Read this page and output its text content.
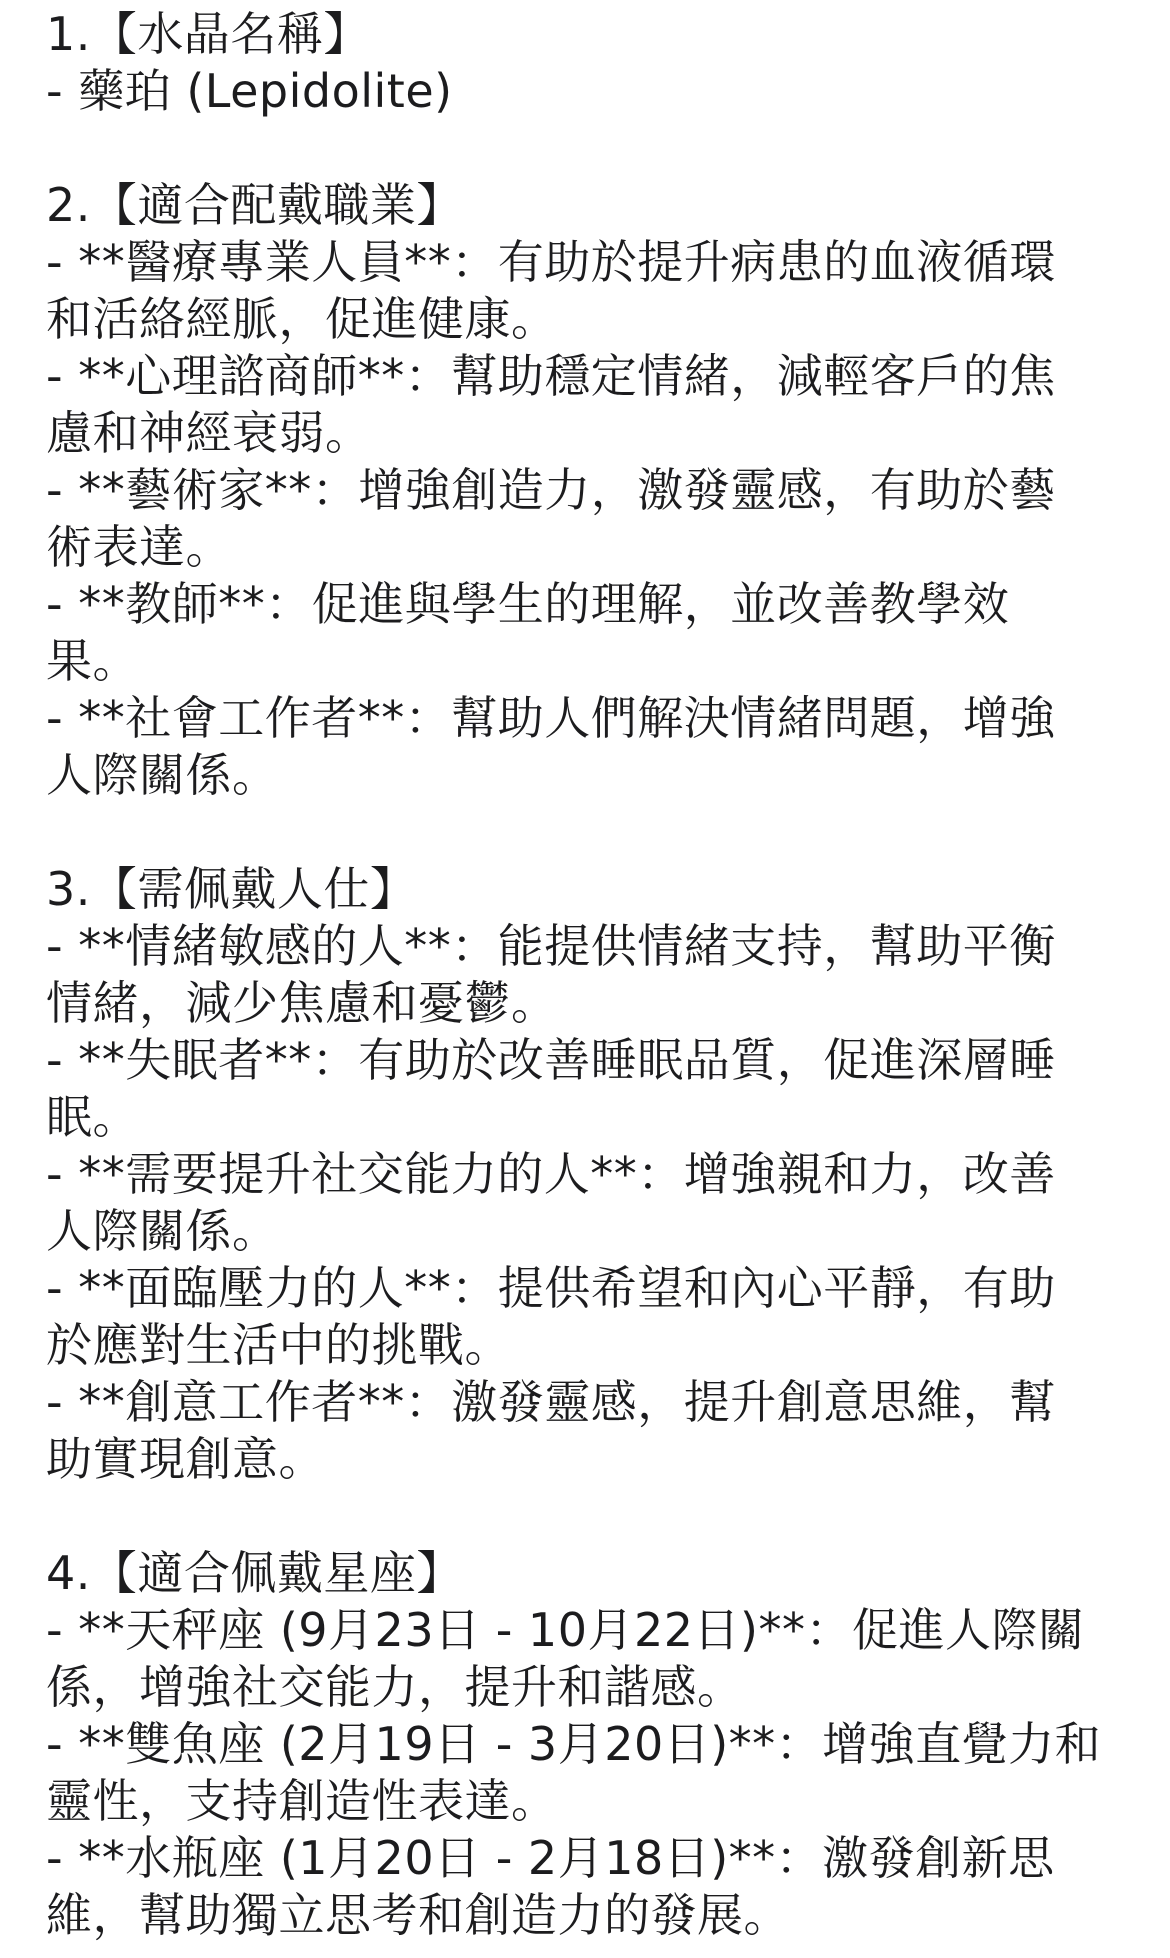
1.【水晶名稱】
- 藥珀 (Lepidolite)
2.【適合配戴職業】
- **醫療專業人員**：有助於提升病患的血液循環
和活絡經脈，促進健康。
- **心理諮商師**：幫助穩定情緒，減輕客戶的焦
慮和神經衰弱。
- **藝術家**：增強創造力，激發靈感，有助於藝
術表達。
- **教師**：促進與學生的理解，並改善教學效
果。
- **社會工作者**：幫助人們解決情緒問題，增強
人際關係。
3.【需佩戴人仕】
- **情緒敏感的人**：能提供情緒支持，幫助平衡
情緒，減少焦慮和憂鬱。
- **失眠者**：有助於改善睡眠品質，促進深層睡
眠。
- **需要提升社交能力的人**：增強親和力，改善
人際關係。
- **面臨壓力的人**：提供希望和內心平靜，有助
於應對生活中的挑戰。
- **創意工作者**：激發靈感，提升創意思維，幫
助實現創意。
4.【適合佩戴星座】
- **天秤座 (9月23日 - 10月22日)**：促進人際關
係，增強社交能力，提升和諧感。
- **雙魚座 (2月19日 - 3月20日)**：增強直覺力和
靈性，支持創造性表達。
- **水瓶座 (1月20日 - 2月18日)**：激發創新思
維，幫助獨立思考和創造力的發展。
